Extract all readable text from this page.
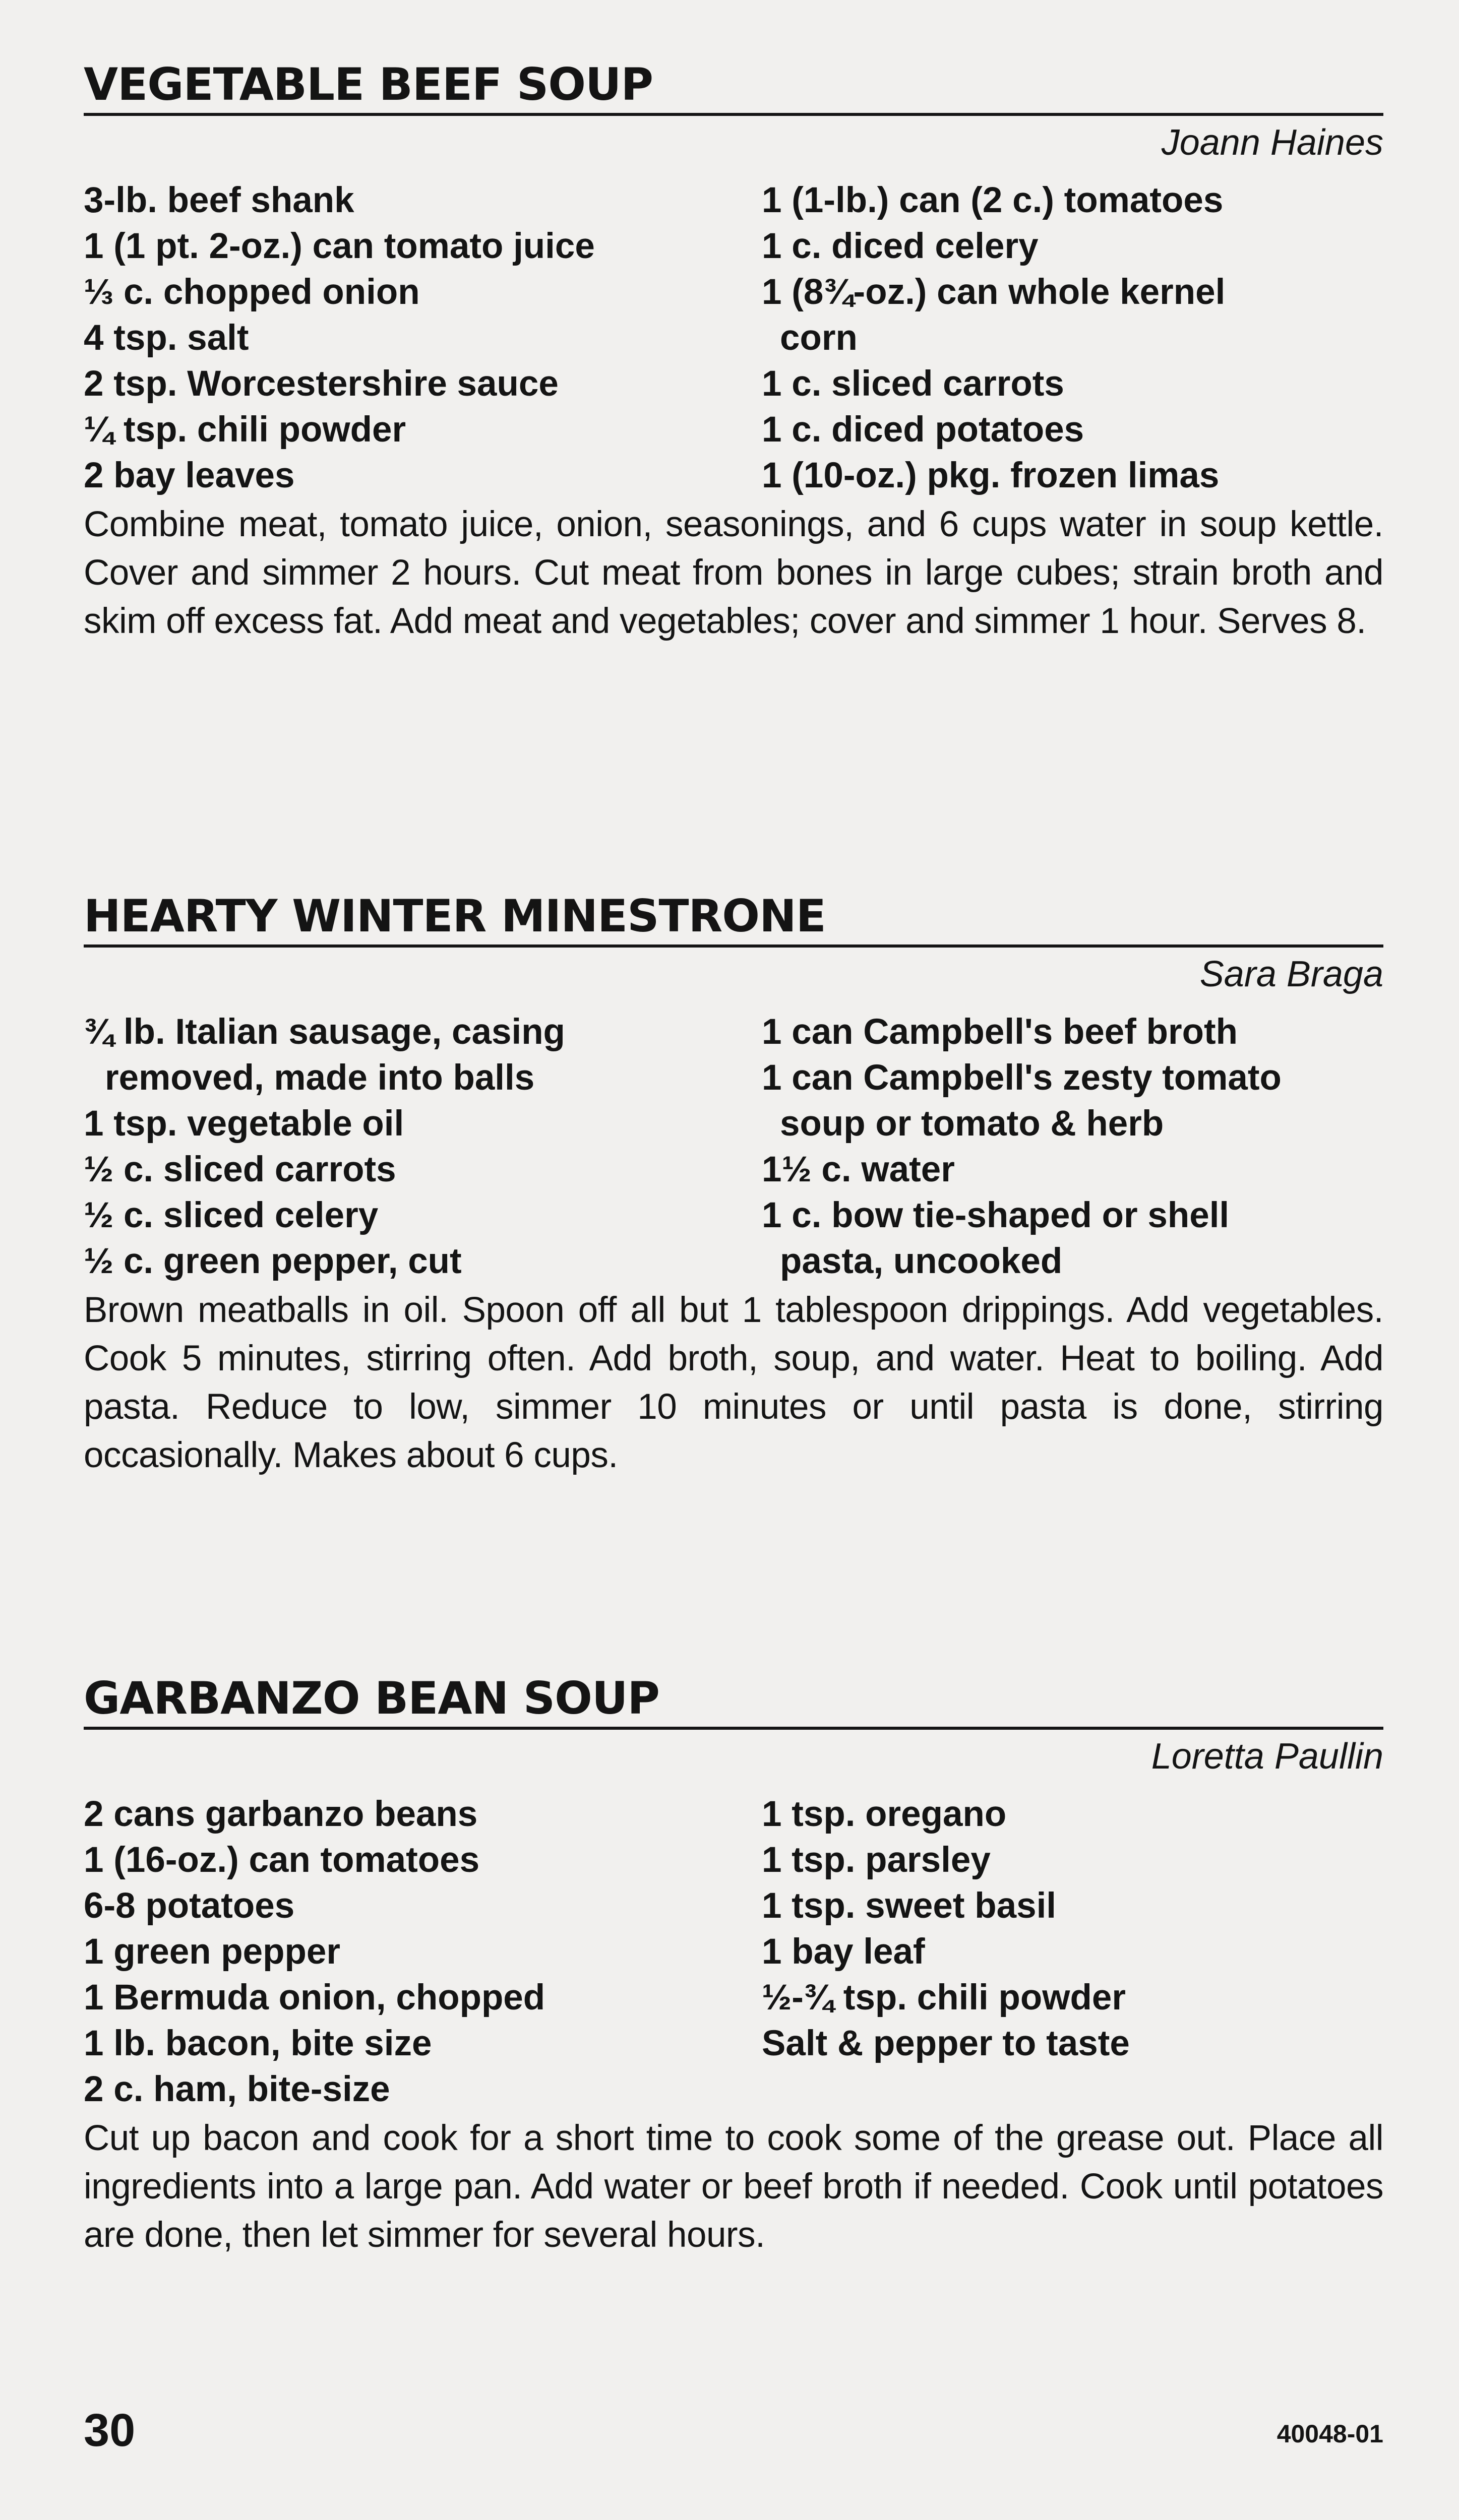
VEGETABLE BEEF SOUP
Joann Haines
3-lb. beef shank
1 (1 pt. 2-oz.) can tomato juice
⅓ c. chopped onion
4 tsp. salt
2 tsp. Worcestershire sauce
¼ tsp. chili powder
2 bay leaves
1 (1-lb.) can (2 c.) tomatoes
1 c. diced celery
1 (8¾-oz.) can whole kernel
corn
1 c. sliced carrots
1 c. diced potatoes
1 (10-oz.) pkg. frozen limas

Combine meat, tomato juice, onion, seasonings, and 6 cups water in soup kettle. Cover and simmer 2 hours. Cut meat from bones in large cubes; strain broth and skim off excess fat. Add meat and vegetables; cover and simmer 1 hour. Serves 8.

HEARTY WINTER MINESTRONE
Sara Braga
¾ lb. Italian sausage, casing
removed, made into balls
1 tsp. vegetable oil
½ c. sliced carrots
½ c. sliced celery
½ c. green pepper, cut
1 can Campbell's beef broth
1 can Campbell's zesty tomato
soup or tomato & herb
1½ c. water
1 c. bow tie-shaped or shell
pasta, uncooked

Brown meatballs in oil. Spoon off all but 1 tablespoon drippings. Add vegetables. Cook 5 minutes, stirring often. Add broth, soup, and water. Heat to boiling. Add pasta. Reduce to low, simmer 10 minutes or until pasta is done, stirring occasionally. Makes about 6 cups.

GARBANZO BEAN SOUP
Loretta Paullin
2 cans garbanzo beans
1 (16-oz.) can tomatoes
6-8 potatoes
1 green pepper
1 Bermuda onion, chopped
1 lb. bacon, bite size
2 c. ham, bite-size
1 tsp. oregano
1 tsp. parsley
1 tsp. sweet basil
1 bay leaf
½-¾ tsp. chili powder
Salt & pepper to taste

Cut up bacon and cook for a short time to cook some of the grease out. Place all ingredients into a large pan. Add water or beef broth if needed. Cook until potatoes are done, then let simmer for several hours.

30	40048-01
